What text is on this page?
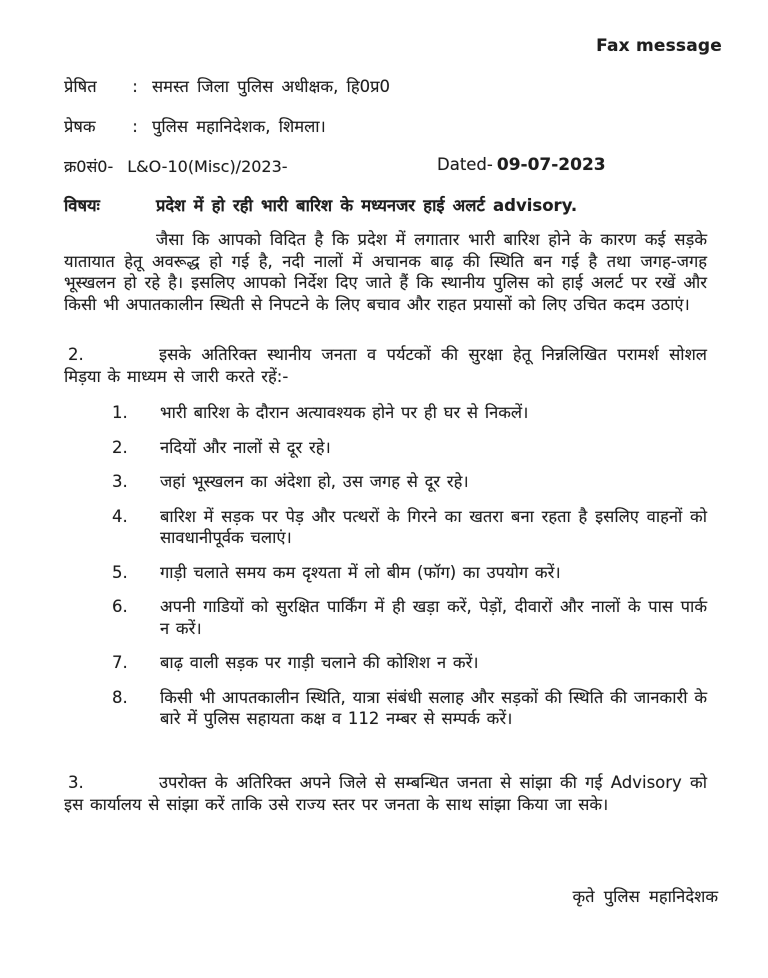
Fax message
प्रेषित : समस्त जिला पुलिस अधीक्षक, हि0प्र0
प्रेषक : पुलिस महानिदेशक, शिमला।
क्र0सं0- L&O-10(Misc)/2023-	Dated- 09-07-2023
विषयः	प्रदेश में हो रही भारी बारिश के मध्यनजर हाई अलर्ट advisory.
जैसा कि आपको विदित है कि प्रदेश में लगातार भारी बारिश होने के कारण कई सड़के यातायात हेतू अवरूद्ध हो गई है, नदी नालों में अचानक बाढ़ की स्थिति बन गई है तथा जगह-जगह भूस्खलन हो रहे है। इसलिए आपको निर्देश दिए जाते हैं कि स्थानीय पुलिस को हाई अलर्ट पर रखें और किसी भी अपातकालीन स्थिती से निपटने के लिए बचाव और राहत प्रयासों को लिए उचित कदम उठाएं।
2.	इसके अतिरिक्त स्थानीय जनता व पर्यटकों की सुरक्षा हेतू निन्नलिखित परामर्श सोशल मिड़या के माध्यम से जारी करते रहें:-
1. भारी बारिश के दौरान अत्यावश्यक होने पर ही घर से निकलें।
2. नदियों और नालों से दूर रहे।
3. जहां भूस्खलन का अंदेशा हो, उस जगह से दूर रहे।
4. बारिश में सड़क पर पेड़ और पत्थरों के गिरने का खतरा बना रहता है इसलिए वाहनों को सावधानीपूर्वक चलाएं।
5. गाड़ी चलाते समय कम दृश्यता में लो बीम (फॉग) का उपयोग करें।
6. अपनी गाडियों को सुरक्षित पार्किंग में ही खड़ा करें, पेड़ों, दीवारों और नालों के पास पार्क न करें।
7. बाढ़ वाली सड़क पर गाड़ी चलाने की कोशिश न करें।
8. किसी भी आपतकालीन स्थिति, यात्रा संबंधी सलाह और सड़कों की स्थिति की जानकारी के बारे में पुलिस सहायता कक्ष व 112 नम्बर से सम्पर्क करें।
3.	उपरोक्त के अतिरिक्त अपने जिले से सम्बन्धित जनता से सांझा की गई Advisory को इस कार्यालय से सांझा करें ताकि उसे राज्य स्तर पर जनता के साथ सांझा किया जा सके।
कृते पुलिस महानिदेशक
